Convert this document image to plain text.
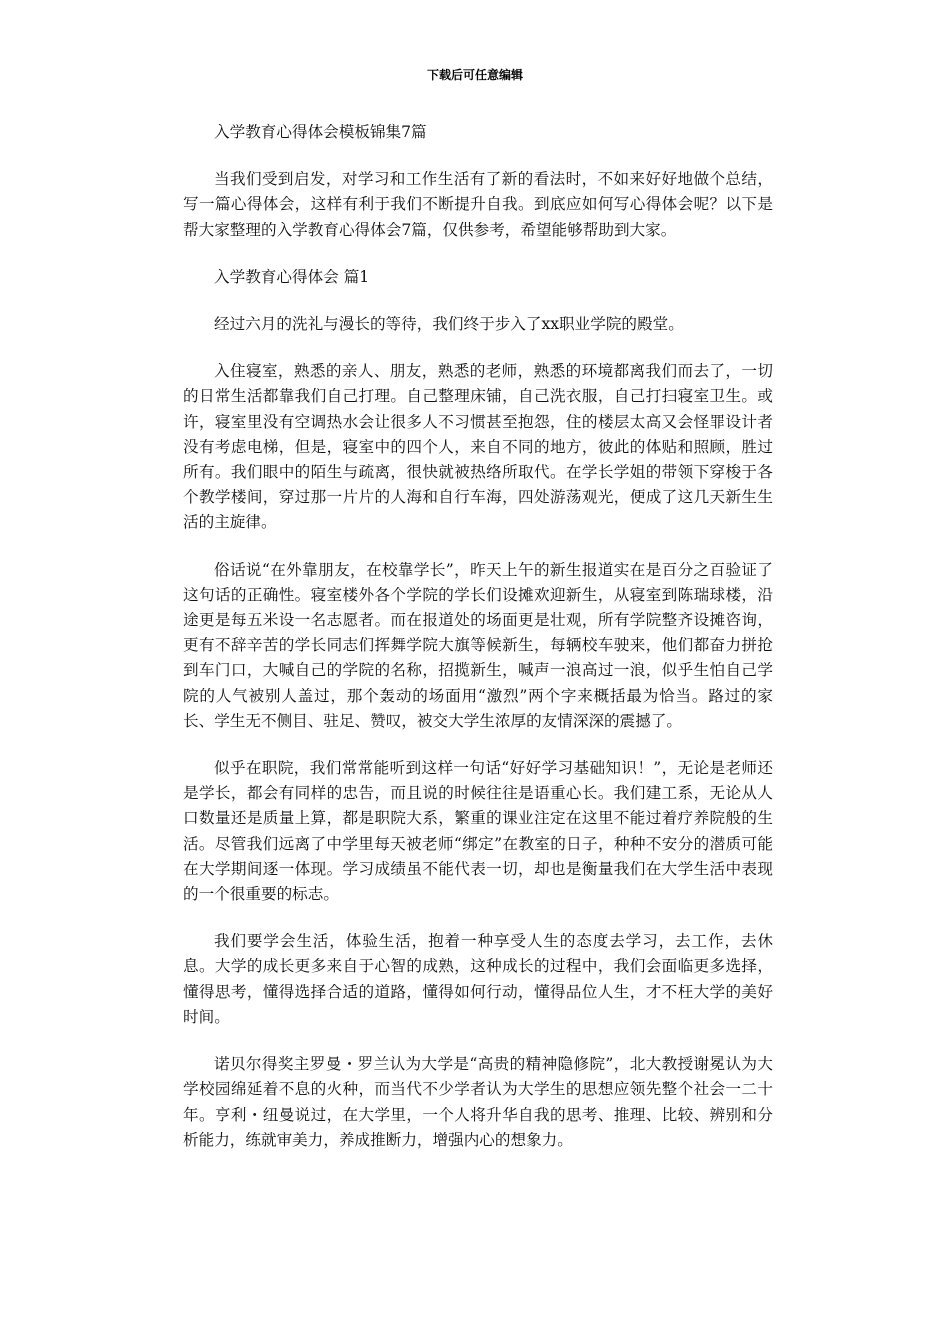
下载后可任意编辑
入学教育心得体会模板锦集7篇

当我们受到启发，对学习和工作生活有了新的看法时，不如来好好地做个总结，写一篇心得体会，这样有利于我们不断提升自我。到底应如何写心得体会呢？以下是帮大家整理的入学教育心得体会7篇，仅供参考，希望能够帮助到大家。

入学教育心得体会 篇1

经过六月的洗礼与漫长的等待，我们终于步入了xx职业学院的殿堂。

入住寝室，熟悉的亲人、朋友，熟悉的老师，熟悉的环境都离我们而去了，一切的日常生活都靠我们自己打理。自己整理床铺，自己洗衣服，自己打扫寝室卫生。或许，寝室里没有空调热水会让很多人不习惯甚至抱怨，住的楼层太高又会怪罪设计者没有考虑电梯，但是，寝室中的四个人，来自不同的地方，彼此的体贴和照顾，胜过所有。我们眼中的陌生与疏离，很快就被热络所取代。在学长学姐的带领下穿梭于各个教学楼间，穿过那一片片的人海和自行车海，四处游荡观光，便成了这几天新生生活的主旋律。

俗话说“在外靠朋友，在校靠学长”，昨天上午的新生报道实在是百分之百验证了这句话的正确性。寝室楼外各个学院的学长们设摊欢迎新生，从寝室到陈瑞球楼，沿途更是每五米设一名志愿者。而在报道处的场面更是壮观，所有学院整齐设摊咨询，更有不辞辛苦的学长同志们挥舞学院大旗等候新生，每辆校车驶来，他们都奋力拼抢到车门口，大喊自己的学院的名称，招揽新生，喊声一浪高过一浪，似乎生怕自己学院的人气被别人盖过，那个轰动的场面用“激烈”两个字来概括最为恰当。路过的家长、学生无不侧目、驻足、赞叹，被交大学生浓厚的友情深深的震撼了。

似乎在职院，我们常常能听到这样一句话“好好学习基础知识！”，无论是老师还是学长，都会有同样的忠告，而且说的时候往往是语重心长。我们建工系，无论从人口数量还是质量上算，都是职院大系，繁重的课业注定在这里不能过着疗养院般的生活。尽管我们远离了中学里每天被老师“绑定”在教室的日子，种种不安分的潜质可能在大学期间逐一体现。学习成绩虽不能代表一切，却也是衡量我们在大学生活中表现的一个很重要的标志。

我们要学会生活，体验生活，抱着一种享受人生的态度去学习，去工作，去休息。大学的成长更多来自于心智的成熟，这种成长的过程中，我们会面临更多选择，懂得思考，懂得选择合适的道路，懂得如何行动，懂得品位人生，才不枉大学的美好时间。

诺贝尔得奖主罗曼・罗兰认为大学是“高贵的精神隐修院”，北大教授谢冕认为大学校园绵延着不息的火种，而当代不少学者认为大学生的思想应领先整个社会一二十年。亨利・纽曼说过，在大学里，一个人将升华自我的思考、推理、比较、辨别和分析能力，练就审美力，养成推断力，增强内心的想象力。
